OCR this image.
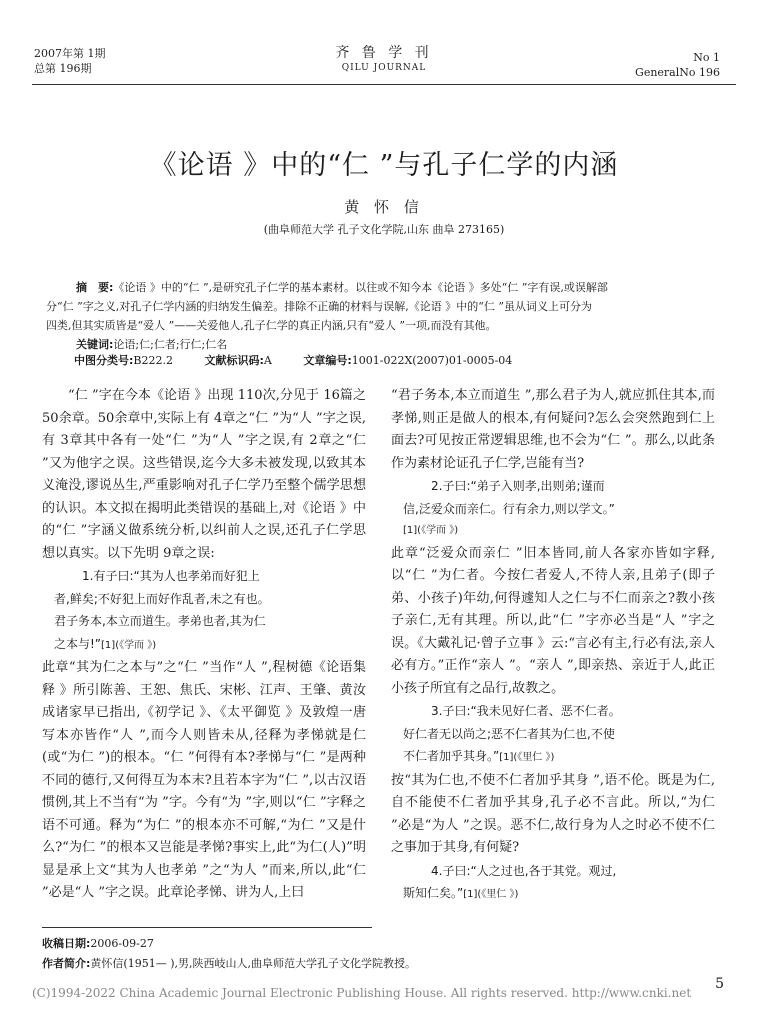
2007年第 1期
总第 196期
齐 鲁 学 刊
QILU JOURNAL
No 1
GeneralNo 196
《论语 》中的“仁 ”与孔子仁学的内涵
黄 怀 信
(曲阜师范大学 孔子文化学院,山东 曲阜 273165)

摘　要:《论语 》中的“仁 ”,是研究孔子仁学的基本素材。以往或不知今本《论语 》多处“仁 ”字有误,或误解部

分“仁 ”字之义,对孔子仁学内涵的归纳发生偏差。排除不正确的材料与误解,《论语 》中的“仁 ”虽从词义上可分为

四类,但其实质皆是“爱人 ”——关爱他人,孔子仁学的真正内涵,只有“爱人 ”一项,而没有其他。

关键词:论语;仁;仁者;行仁;仁名

中图分类号:B222.2	文献标识码:A	文章编号:1001-022X(2007)01-0005-04

“仁 ”字在今本《论语 》出现 110次,分见于 16篇之 50余章。50余章中,实际上有 4章之“仁 ”为“人 ”字之误,有 3章其中各有一处“仁 ”为“人 ”字之误,有 2章之“仁 ”又为他字之误。这些错误,迄今大多未被发现,以致其本义淹没,谬说丛生,严重影响对孔子仁学乃至整个儒学思想的认识。本文拟在揭明此类错误的基础上,对《论语 》中的“仁 ”字涵义做系统分析,以纠前人之误,还孔子仁学思想以真实。以下先明 9章之误:

1.有子曰:“其为人也孝弟而好犯上

者,鲜矣;不好犯上而好作乱者,未之有也。

君子务本,本立而道生。孝弟也者,其为仁

之本与!”[1](《学而 》)

此章“其为仁之本与”之“仁 ”当作“人 ”,程树德《论语集释 》所引陈善、王恕、焦氏、宋彬、江声、王肇、黄汝成诸家早已指出,《初学记 》、《太平御览 》及敦煌一唐写本亦皆作“人 ”,而今人则皆未从,径释为孝悌就是仁(或“为仁 ”)的根本。“仁 ”何得有本?孝悌与“仁 ”是两种不同的德行,又何得互为本末?且若本字为“仁 ”,以古汉语惯例,其上不当有“为 ”字。今有“为 ”字,则以“仁 ”字释之语不可通。释为“为仁 ”的根本亦不可解,“为仁 ”又是什么?“为仁 ”的根本又岂能是孝悌?事实上,此“为仁(人)”明显是承上文“其为人也孝弟 ”之“为人 ”而来,所以,此“仁 ”必是“人 ”字之误。此章论孝悌、讲为人,上曰

“君子务本,本立而道生 ”,那么君子为人,就应抓住其本,而孝悌,则正是做人的根本,有何疑问?怎么会突然跑到仁上面去?可见按正常逻辑思维,也不会为“仁 ”。那么,以此条作为素材论证孔子仁学,岂能有当?

2.子曰:“弟子入则孝,出则弟;谨而

信,泛爱众而亲仁。行有余力,则以学文。”

[1](《学而 》)

此章“泛爱众而亲仁 ”旧本皆同,前人各家亦皆如字释,以“仁 ”为仁者。今按仁者爱人,不待人亲,且弟子(即子弟、小孩子)年幼,何得遽知人之仁与不仁而亲之?教小孩子亲仁,无有其理。所以,此“仁 ”字亦必当是“人 ”字之误。《大戴礼记·曾子立事 》云:“言必有主,行必有法,亲人必有方。”正作“亲人 ”。“亲人 ”,即亲热、亲近于人,此正小孩子所宜有之品行,故教之。

3.子曰:“我未见好仁者、恶不仁者。

好仁者无以尚之;恶不仁者其为仁也,不使

不仁者加乎其身。”[1](《里仁 》)

按“其为仁也,不使不仁者加乎其身 ”,语不伦。既是为仁,自不能使不仁者加乎其身,孔子必不言此。所以,“为仁 ”必是“为人 ”之误。恶不仁,故行身为人之时必不使不仁之事加于其身,有何疑?

4.子曰:“人之过也,各于其党。观过,

斯知仁矣。”[1](《里仁 》)

收稿日期:2006-09-27

作者简介:黄怀信(1951— ),男,陕西岐山人,曲阜师范大学孔子文化学院教授。

5
(C)1994-2022 China Academic Journal Electronic Publishing House. All rights reserved. http://www.cnki.net
